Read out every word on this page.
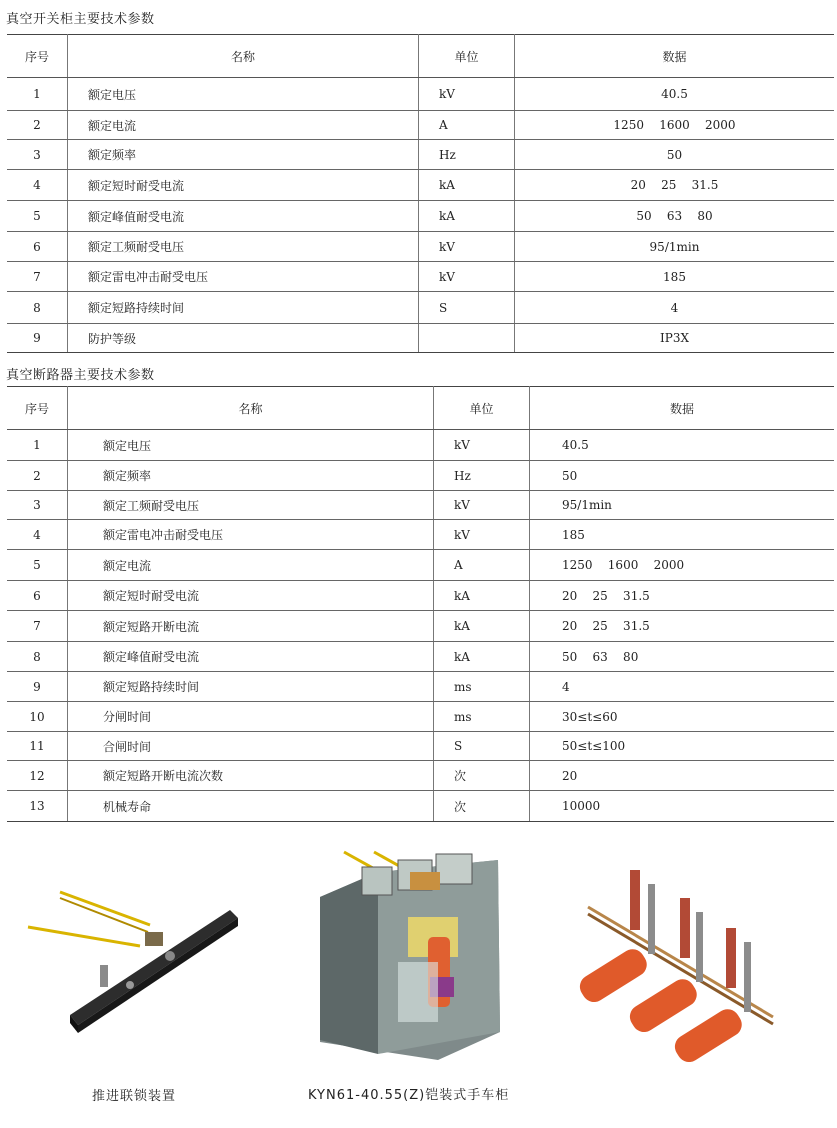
真空开关柜主要技术参数
序号	名称	单位	数据
1	额定电压	kV	40.5
2	额定电流	A	1250    1600    2000
3	额定频率	Hz	50
4	额定短时耐受电流	kA	20    25    31.5
5	额定峰值耐受电流	kA	50    63    80
6	额定工频耐受电压	kV	95/1min
7	额定雷电冲击耐受电压	kV	185
8	额定短路持续时间	S	4
9	防护等级		IP3X
真空断路器主要技术参数
序号	名称	单位	数据
1	额定电压	kV	40.5
2	额定频率	Hz	50
3	额定工频耐受电压	kV	95/1min
4	额定雷电冲击耐受电压	kV	185
5	额定电流	A	1250    1600    2000
6	额定短时耐受电流	kA	20    25    31.5
7	额定短路开断电流	kA	20    25    31.5
8	额定峰值耐受电流	kA	50    63    80
9	额定短路持续时间	ms	4
10	分闸时间	ms	30≤t≤60
11	合闸时间	S	50≤t≤100
12	额定短路开断电流次数	次	20
13	机械寿命	次	10000
推进联锁装置	KYN61-40.55(Z)铠装式手车柜
